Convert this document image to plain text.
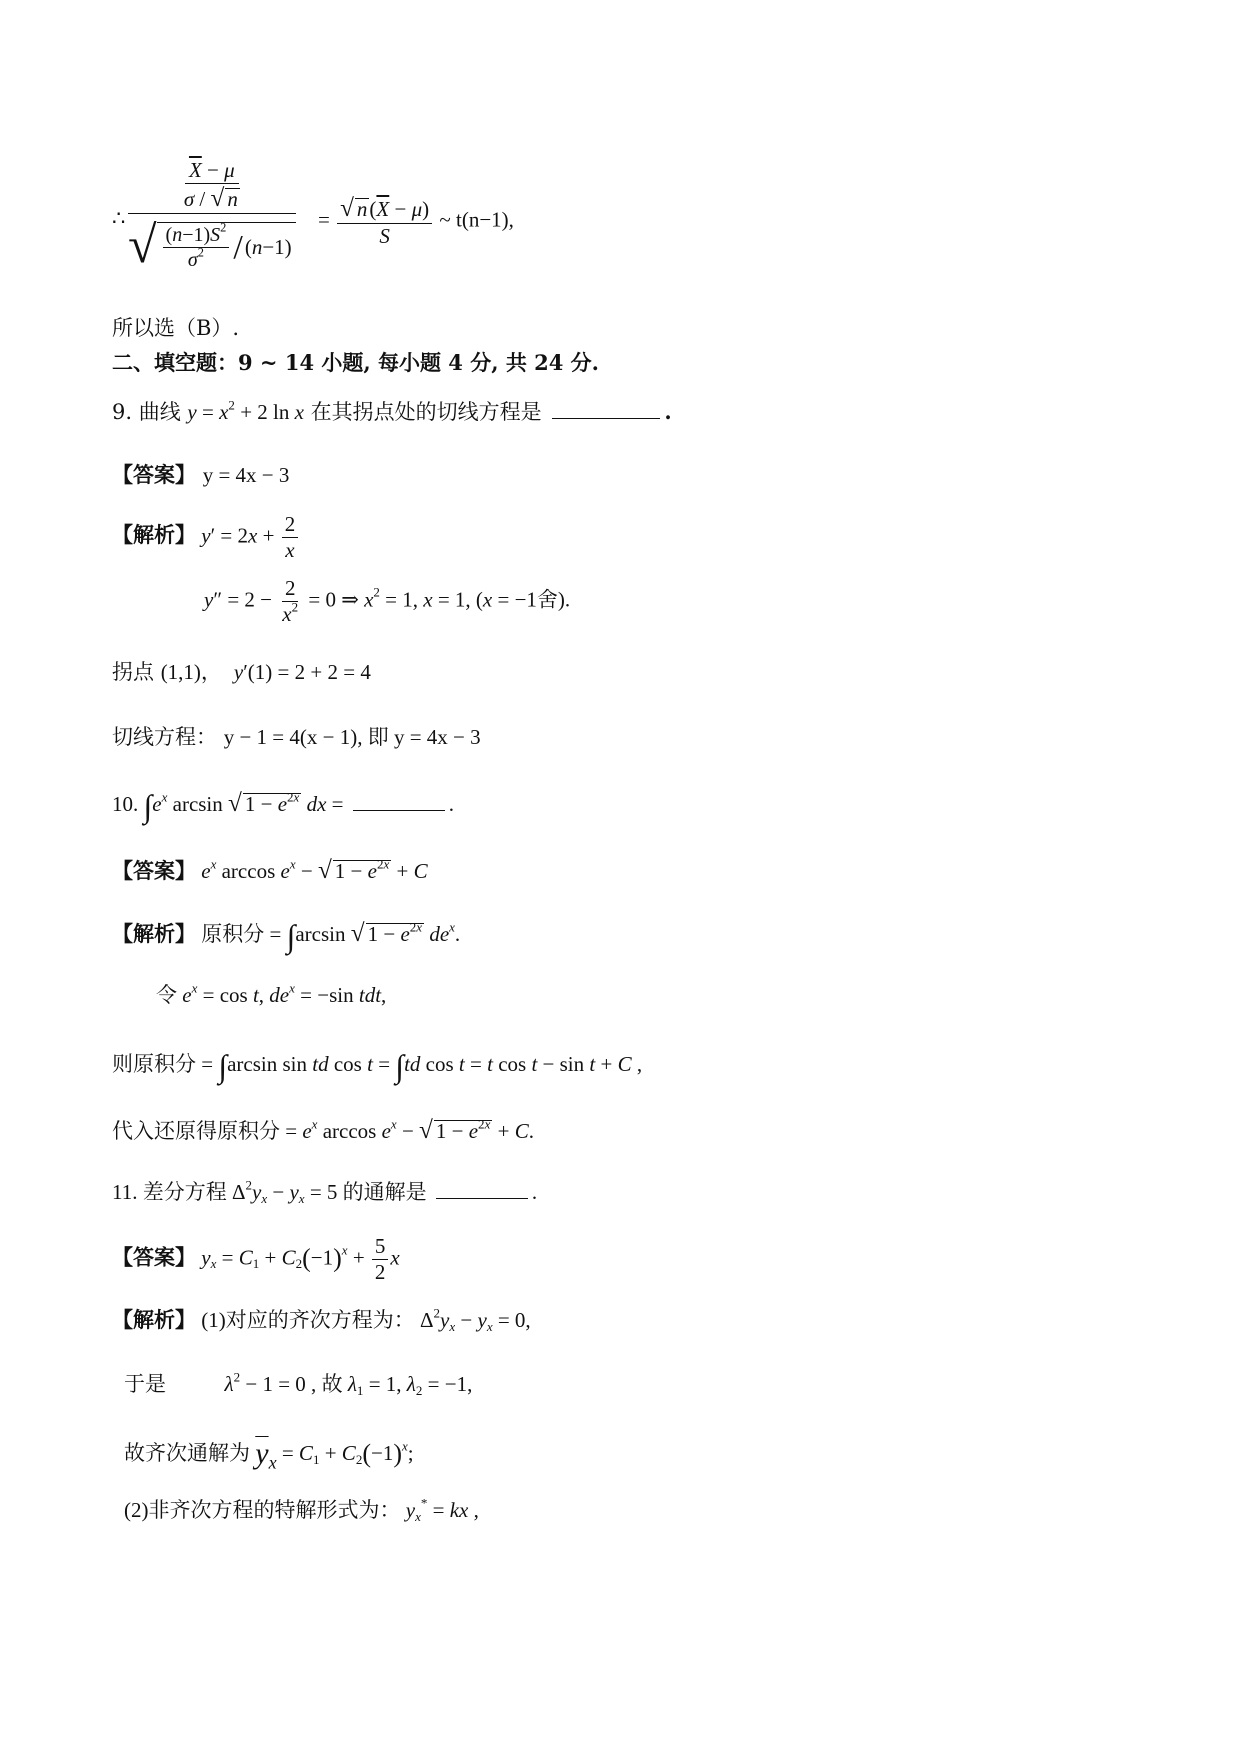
∴ $\overline{X} - \mu$
σ / √ n
√ $\frac{(n-1)S^2}{\sigma^2}$ / ( $n -1) = \frac{√ n(\overline{X} - \mu)}{S}$ ~ t(n−1),
所以选（B）.
二、填空题：9 ~ 14 小题, 每小题 4 分, 共 24 分.
9. 曲线 $y = x^2 + 2$ ln x 在其拐点处的切线方程是	.
【答案】 y = 4x − 3
【解析】 $y' = 2x + \frac{2}{x}$
$y'' = 2 - \frac{2}{x^2} = 0$ ⇒ $x^2 = 1$, x = 1, (x = −1舍).
拐点 (1,1)， y′(1) = 2 + 2 = 4
切线方程： y − 1 = 4(x − 1), 即 y = 4x − 3
10. $\int e^x$ arcsin √ $1 - e^{2x}$ dx =	.
【答案】 $e^x$ $\arccos e^x$ − √ $1 - e^{2x} + C$
【解析】 原积分 = ∫arcsin √ $1 - e^{2x}$ $de^x$.
令 $e^x = \cos t$, $de^x = -\sin$ tdt,
则原积分 = ∫arcsin sin td cos t = ∫td cos t = t cos t − sin t + C ,
代入还原得原积分 = $e^x$ $\arccos e^x$ − √ $1 - e^{2x} + C$.
11. 差分方程 $\Delta^2y_x - y_x = 5$ 的通解是	.
【答案】 $y_x = C_1 + C_2(-1)^x + \frac{5}{2}$ x
【解析】 (1)对应的齐次方程为： $\Delta^2y_x - y_x = 0$,
于是	$\lambda^2 - 1 = 0$ , 故 $\lambda_1 = 1$, $\lambda_2 = -1$,
故齐次通解为 $\overline{y}_x = C_1 + C_2(-1)^x$;
(2)非齐次方程的特解形式为： $y_x^*$ = kx ,
